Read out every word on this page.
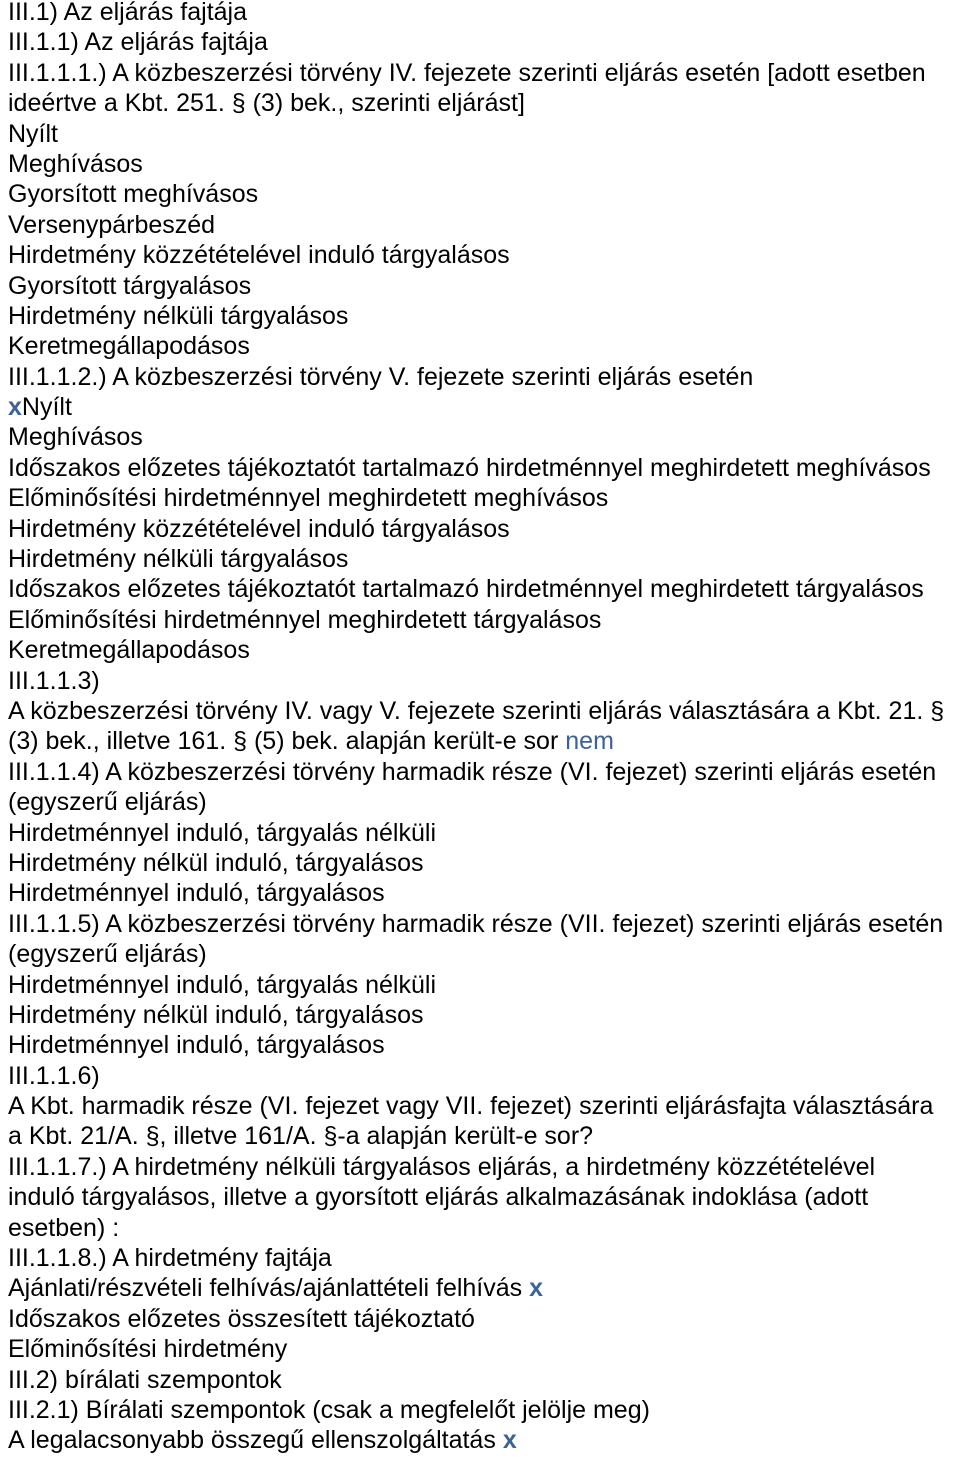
III.1) Az eljárás fajtája
III.1.1) Az eljárás fajtája
III.1.1.1.) A közbeszerzési törvény IV. fejezete szerinti eljárás esetén [adott esetben
ideértve a Kbt. 251. § (3) bek., szerinti eljárást]
Nyílt
Meghívásos
Gyorsított meghívásos
Versenypárbeszéd
Hirdetmény közzétételével induló tárgyalásos
Gyorsított tárgyalásos
Hirdetmény nélküli tárgyalásos
Keretmegállapodásos
III.1.1.2.) A közbeszerzési törvény V. fejezete szerinti eljárás esetén
xNyílt
Meghívásos
Időszakos előzetes tájékoztatót tartalmazó hirdetménnyel meghirdetett meghívásos
Előminősítési hirdetménnyel meghirdetett meghívásos
Hirdetmény közzétételével induló tárgyalásos
Hirdetmény nélküli tárgyalásos
Időszakos előzetes tájékoztatót tartalmazó hirdetménnyel meghirdetett tárgyalásos
Előminősítési hirdetménnyel meghirdetett tárgyalásos
Keretmegállapodásos
III.1.1.3)
A közbeszerzési törvény IV. vagy V. fejezete szerinti eljárás választására a Kbt. 21. §
(3) bek., illetve 161. § (5) bek. alapján került-e sor nem
III.1.1.4) A közbeszerzési törvény harmadik része (VI. fejezet) szerinti eljárás esetén
(egyszerű eljárás)
Hirdetménnyel induló, tárgyalás nélküli
Hirdetmény nélkül induló, tárgyalásos
Hirdetménnyel induló, tárgyalásos
III.1.1.5) A közbeszerzési törvény harmadik része (VII. fejezet) szerinti eljárás esetén
(egyszerű eljárás)
Hirdetménnyel induló, tárgyalás nélküli
Hirdetmény nélkül induló, tárgyalásos
Hirdetménnyel induló, tárgyalásos
III.1.1.6)
A Kbt. harmadik része (VI. fejezet vagy VII. fejezet) szerinti eljárásfajta választására
a Kbt. 21/A. §, illetve 161/A. §-a alapján került-e sor?
III.1.1.7.) A hirdetmény nélküli tárgyalásos eljárás, a hirdetmény közzétételével
induló tárgyalásos, illetve a gyorsított eljárás alkalmazásának indoklása (adott
esetben) :
III.1.1.8.) A hirdetmény fajtája
Ajánlati/részvételi felhívás/ajánlattételi felhívás x
Időszakos előzetes összesített tájékoztató
Előminősítési hirdetmény
III.2) bírálati szempontok
III.2.1) Bírálati szempontok (csak a megfelelőt jelölje meg)
A legalacsonyabb összegű ellenszolgáltatás x
